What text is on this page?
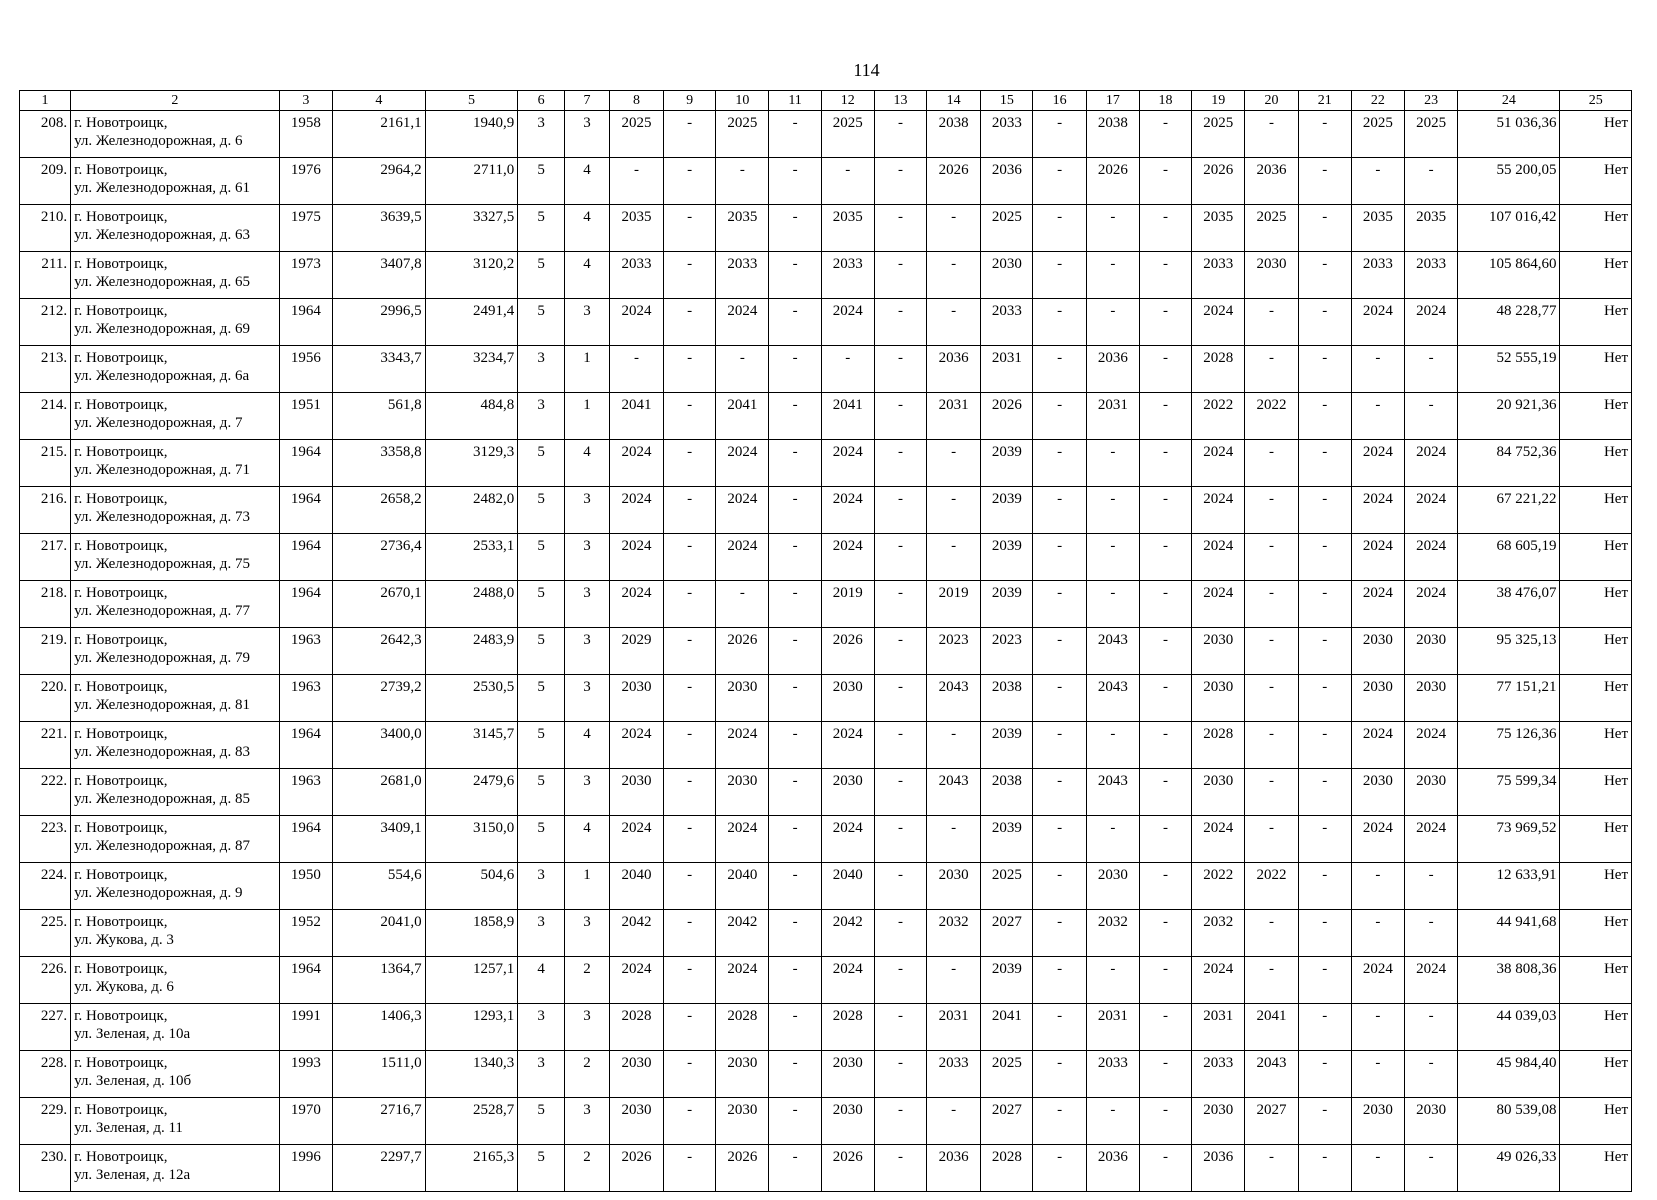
114
1	2	3	4	5	6	7	8	9	10	11	12	13	14	15	16	17	18	19	20	21	22	23	24	25
208.	г. Новотроицк,
ул. Железнодорожная, д. 6	1958	2161,1	1940,9	3	3	2025	-	2025	-	2025	-	2038	2033	-	2038	-	2025	-	-	2025	2025	51 036,36	Нет
209.	г. Новотроицк,
ул. Железнодорожная, д. 61	1976	2964,2	2711,0	5	4	-	-	-	-	-	-	2026	2036	-	2026	-	2026	2036	-	-	-	55 200,05	Нет
210.	г. Новотроицк,
ул. Железнодорожная, д. 63	1975	3639,5	3327,5	5	4	2035	-	2035	-	2035	-	-	2025	-	-	-	2035	2025	-	2035	2035	107 016,42	Нет
211.	г. Новотроицк,
ул. Железнодорожная, д. 65	1973	3407,8	3120,2	5	4	2033	-	2033	-	2033	-	-	2030	-	-	-	2033	2030	-	2033	2033	105 864,60	Нет
212.	г. Новотроицк,
ул. Железнодорожная, д. 69	1964	2996,5	2491,4	5	3	2024	-	2024	-	2024	-	-	2033	-	-	-	2024	-	-	2024	2024	48 228,77	Нет
213.	г. Новотроицк,
ул. Железнодорожная, д. 6а	1956	3343,7	3234,7	3	1	-	-	-	-	-	-	2036	2031	-	2036	-	2028	-	-	-	-	52 555,19	Нет
214.	г. Новотроицк,
ул. Железнодорожная, д. 7	1951	561,8	484,8	3	1	2041	-	2041	-	2041	-	2031	2026	-	2031	-	2022	2022	-	-	-	20 921,36	Нет
215.	г. Новотроицк,
ул. Железнодорожная, д. 71	1964	3358,8	3129,3	5	4	2024	-	2024	-	2024	-	-	2039	-	-	-	2024	-	-	2024	2024	84 752,36	Нет
216.	г. Новотроицк,
ул. Железнодорожная, д. 73	1964	2658,2	2482,0	5	3	2024	-	2024	-	2024	-	-	2039	-	-	-	2024	-	-	2024	2024	67 221,22	Нет
217.	г. Новотроицк,
ул. Железнодорожная, д. 75	1964	2736,4	2533,1	5	3	2024	-	2024	-	2024	-	-	2039	-	-	-	2024	-	-	2024	2024	68 605,19	Нет
218.	г. Новотроицк,
ул. Железнодорожная, д. 77	1964	2670,1	2488,0	5	3	2024	-	-	-	2019	-	2019	2039	-	-	-	2024	-	-	2024	2024	38 476,07	Нет
219.	г. Новотроицк,
ул. Железнодорожная, д. 79	1963	2642,3	2483,9	5	3	2029	-	2026	-	2026	-	2023	2023	-	2043	-	2030	-	-	2030	2030	95 325,13	Нет
220.	г. Новотроицк,
ул. Железнодорожная, д. 81	1963	2739,2	2530,5	5	3	2030	-	2030	-	2030	-	2043	2038	-	2043	-	2030	-	-	2030	2030	77 151,21	Нет
221.	г. Новотроицк,
ул. Железнодорожная, д. 83	1964	3400,0	3145,7	5	4	2024	-	2024	-	2024	-	-	2039	-	-	-	2028	-	-	2024	2024	75 126,36	Нет
222.	г. Новотроицк,
ул. Железнодорожная, д. 85	1963	2681,0	2479,6	5	3	2030	-	2030	-	2030	-	2043	2038	-	2043	-	2030	-	-	2030	2030	75 599,34	Нет
223.	г. Новотроицк,
ул. Железнодорожная, д. 87	1964	3409,1	3150,0	5	4	2024	-	2024	-	2024	-	-	2039	-	-	-	2024	-	-	2024	2024	73 969,52	Нет
224.	г. Новотроицк,
ул. Железнодорожная, д. 9	1950	554,6	504,6	3	1	2040	-	2040	-	2040	-	2030	2025	-	2030	-	2022	2022	-	-	-	12 633,91	Нет
225.	г. Новотроицк,
ул. Жукова, д. 3	1952	2041,0	1858,9	3	3	2042	-	2042	-	2042	-	2032	2027	-	2032	-	2032	-	-	-	-	44 941,68	Нет
226.	г. Новотроицк,
ул. Жукова, д. 6	1964	1364,7	1257,1	4	2	2024	-	2024	-	2024	-	-	2039	-	-	-	2024	-	-	2024	2024	38 808,36	Нет
227.	г. Новотроицк,
ул. Зеленая, д. 10а	1991	1406,3	1293,1	3	3	2028	-	2028	-	2028	-	2031	2041	-	2031	-	2031	2041	-	-	-	44 039,03	Нет
228.	г. Новотроицк,
ул. Зеленая, д. 10б	1993	1511,0	1340,3	3	2	2030	-	2030	-	2030	-	2033	2025	-	2033	-	2033	2043	-	-	-	45 984,40	Нет
229.	г. Новотроицк,
ул. Зеленая, д. 11	1970	2716,7	2528,7	5	3	2030	-	2030	-	2030	-	-	2027	-	-	-	2030	2027	-	2030	2030	80 539,08	Нет
230.	г. Новотроицк,
ул. Зеленая, д. 12а	1996	2297,7	2165,3	5	2	2026	-	2026	-	2026	-	2036	2028	-	2036	-	2036	-	-	-	-	49 026,33	Нет
